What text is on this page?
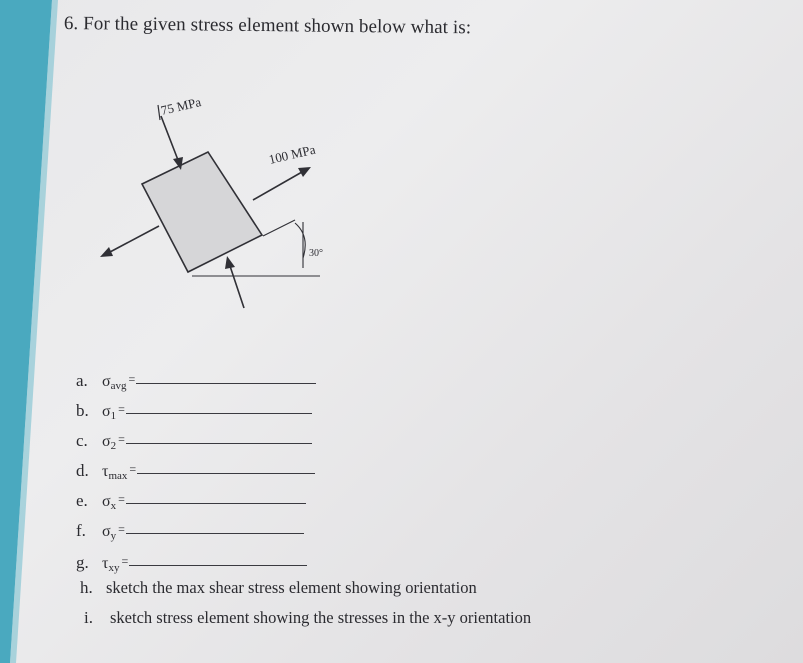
6. For the given stress element shown below what is:
75 MPa
100 MPa
30°
a. σ avg =
b. σ 1 =
c. σ 2 =
d. τ max =
e. σ x =
f.	σ y =
g. τ xy =
h. sketch the max shear stress element showing orientation
i.	sketch stress element showing the stresses in the x-y orientation
